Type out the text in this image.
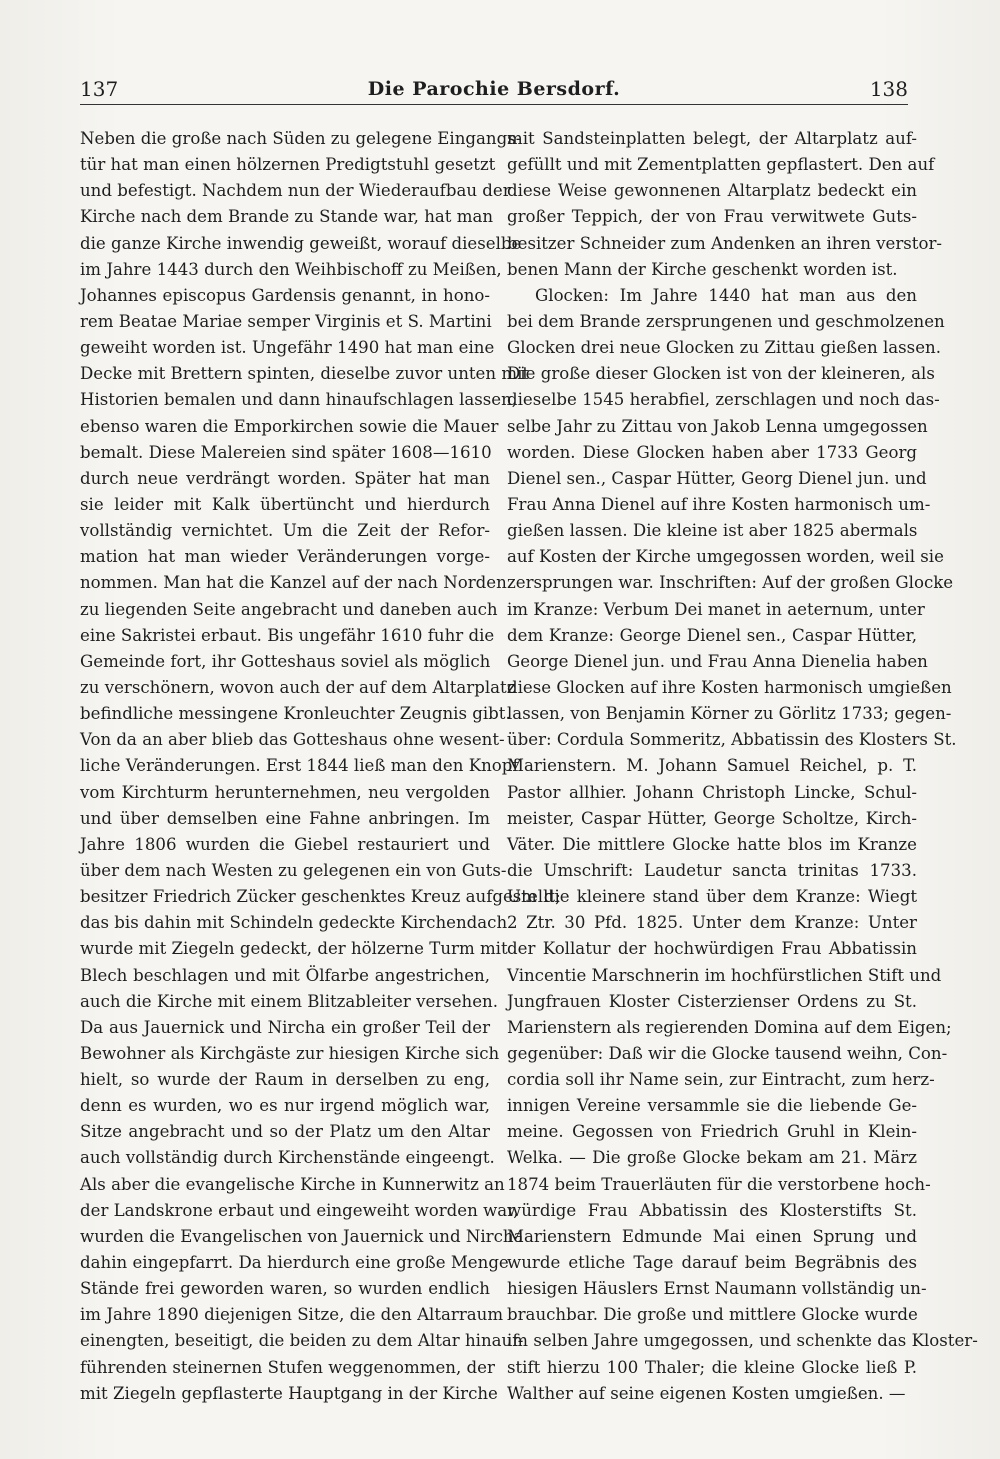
137	Die Parochie Bersdorf.	138
Neben die große nach Süden zu gelegene Eingangs-
tür hat man einen hölzernen Predigtstuhl gesetzt
und befestigt. Nachdem nun der Wiederaufbau der
Kirche nach dem Brande zu Stande war, hat man
die ganze Kirche inwendig geweißt, worauf dieselbe
im Jahre 1443 durch den Weihbischoff zu Meißen,
Johannes episcopus Gardensis genannt, in hono-
rem Beatae Mariae semper Virginis et S. Martini
geweiht worden ist. Ungefähr 1490 hat man eine
Decke mit Brettern spinten, dieselbe zuvor unten mit
Historien bemalen und dann hinaufschlagen lassen,
ebenso waren die Emporkirchen sowie die Mauer
bemalt. Diese Malereien sind später 1608—1610
durch neue verdrängt worden. Später hat man
sie leider mit Kalk übertüncht und hierdurch
vollständig vernichtet. Um die Zeit der Refor-
mation hat man wieder Veränderungen vorge-
nommen. Man hat die Kanzel auf der nach Norden
zu liegenden Seite angebracht und daneben auch
eine Sakristei erbaut. Bis ungefähr 1610 fuhr die
Gemeinde fort, ihr Gotteshaus soviel als möglich
zu verschönern, wovon auch der auf dem Altarplatz
befindliche messingene Kronleuchter Zeugnis gibt.
Von da an aber blieb das Gotteshaus ohne wesent-
liche Veränderungen. Erst 1844 ließ man den Knopf
vom Kirchturm herunternehmen, neu vergolden
und über demselben eine Fahne anbringen. Im
Jahre 1806 wurden die Giebel restauriert und
über dem nach Westen zu gelegenen ein von Guts-
besitzer Friedrich Zücker geschenktes Kreuz aufgestellt;
das bis dahin mit Schindeln gedeckte Kirchendach
wurde mit Ziegeln gedeckt, der hölzerne Turm mit
Blech beschlagen und mit Ölfarbe angestrichen,
auch die Kirche mit einem Blitzableiter versehen.
Da aus Jauernick und Nircha ein großer Teil der
Bewohner als Kirchgäste zur hiesigen Kirche sich
hielt, so wurde der Raum in derselben zu eng,
denn es wurden, wo es nur irgend möglich war,
Sitze angebracht und so der Platz um den Altar
auch vollständig durch Kirchenstände eingeengt.
Als aber die evangelische Kirche in Kunnerwitz an
der Landskrone erbaut und eingeweiht worden war,
wurden die Evangelischen von Jauernick und Nircha
dahin eingepfarrt. Da hierdurch eine große Menge
Stände frei geworden waren, so wurden endlich
im Jahre 1890 diejenigen Sitze, die den Altarraum
einengten, beseitigt, die beiden zu dem Altar hinauf-
führenden steinernen Stufen weggenommen, der
mit Ziegeln gepflasterte Hauptgang in der Kirche
mit Sandsteinplatten belegt, der Altarplatz auf-
gefüllt und mit Zementplatten gepflastert. Den auf
diese Weise gewonnenen Altarplatz bedeckt ein
großer Teppich, der von Frau verwitwete Guts-
besitzer Schneider zum Andenken an ihren verstor-
benen Mann der Kirche geschenkt worden ist.
Glocken: Im Jahre 1440 hat man aus den
bei dem Brande zersprungenen und geschmolzenen
Glocken drei neue Glocken zu Zittau gießen lassen.
Die große dieser Glocken ist von der kleineren, als
dieselbe 1545 herabfiel, zerschlagen und noch das-
selbe Jahr zu Zittau von Jakob Lenna umgegossen
worden. Diese Glocken haben aber 1733 Georg
Dienel sen., Caspar Hütter, Georg Dienel jun. und
Frau Anna Dienel auf ihre Kosten harmonisch um-
gießen lassen. Die kleine ist aber 1825 abermals
auf Kosten der Kirche umgegossen worden, weil sie
zersprungen war. Inschriften: Auf der großen Glocke
im Kranze: Verbum Dei manet in aeternum, unter
dem Kranze: George Dienel sen., Caspar Hütter,
George Dienel jun. und Frau Anna Dienelia haben
diese Glocken auf ihre Kosten harmonisch umgießen
lassen, von Benjamin Körner zu Görlitz 1733; gegen-
über: Cordula Sommeritz, Abbatissin des Klosters St.
Marienstern. M. Johann Samuel Reichel, p. T.
Pastor allhier. Johann Christoph Lincke, Schul-
meister, Caspar Hütter, George Scholtze, Kirch-
Väter. Die mittlere Glocke hatte blos im Kranze
die Umschrift: Laudetur sancta trinitas 1733.
Um die kleinere stand über dem Kranze: Wiegt
2 Ztr. 30 Pfd. 1825. Unter dem Kranze: Unter
der Kollatur der hochwürdigen Frau Abbatissin
Vincentie Marschnerin im hochfürstlichen Stift und
Jungfrauen Kloster Cisterzienser Ordens zu St.
Marienstern als regierenden Domina auf dem Eigen;
gegenüber: Daß wir die Glocke tausend weihn, Con-
cordia soll ihr Name sein, zur Eintracht, zum herz-
innigen Vereine versammle sie die liebende Ge-
meine. Gegossen von Friedrich Gruhl in Klein-
Welka. — Die große Glocke bekam am 21. März
1874 beim Trauerläuten für die verstorbene hoch-
würdige Frau Abbatissin des Klosterstifts St.
Marienstern Edmunde Mai einen Sprung und
wurde etliche Tage darauf beim Begräbnis des
hiesigen Häuslers Ernst Naumann vollständig un-
brauchbar. Die große und mittlere Glocke wurde
im selben Jahre umgegossen, und schenkte das Kloster-
stift hierzu 100 Thaler; die kleine Glocke ließ P.
Walther auf seine eigenen Kosten umgießen. —
